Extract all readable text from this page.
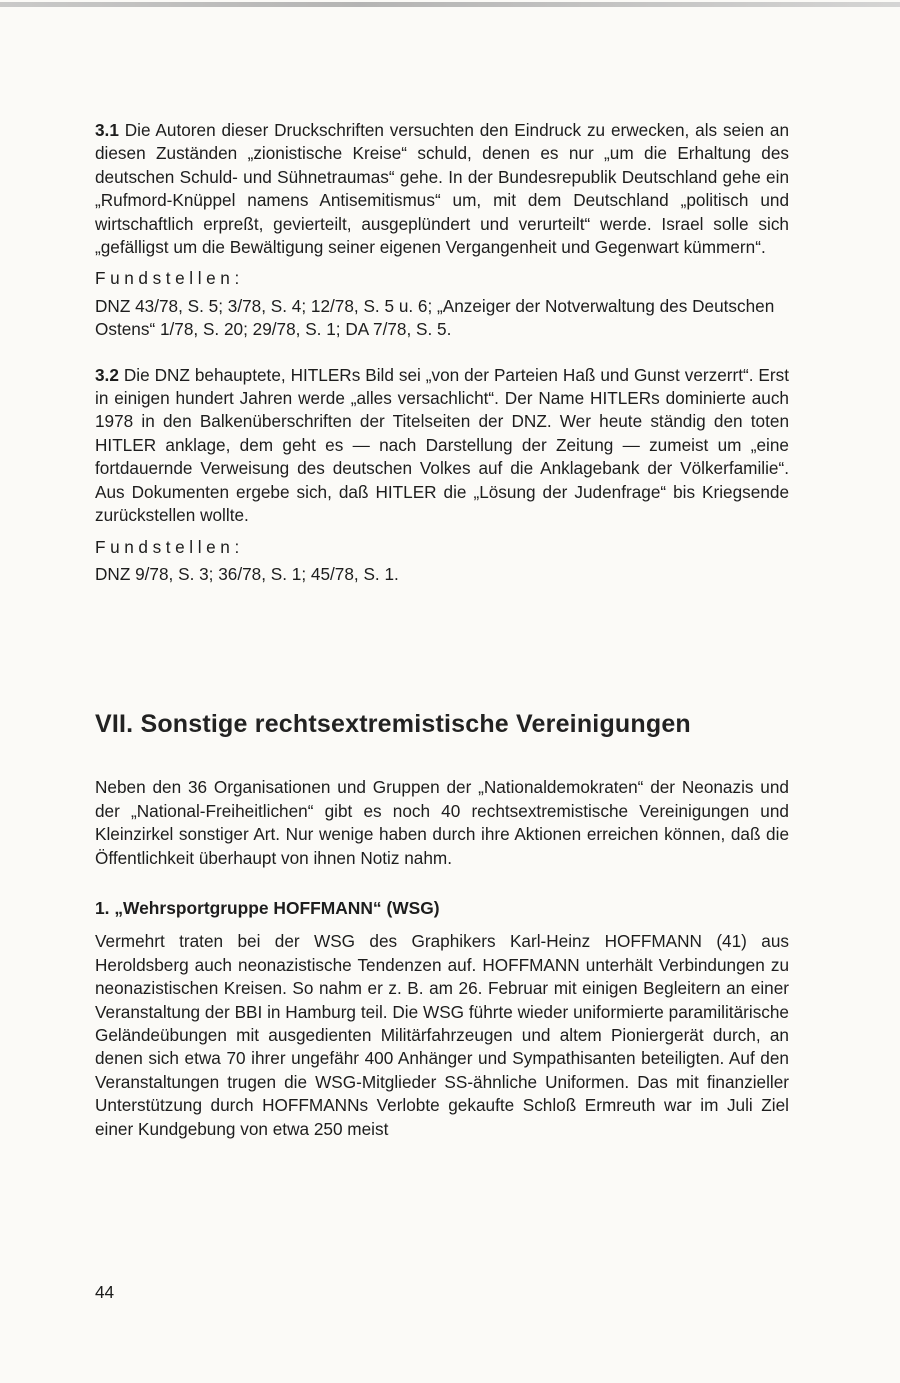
3.1 Die Autoren dieser Druckschriften versuchten den Eindruck zu erwecken, als seien an diesen Zuständen „zionistische Kreise“ schuld, denen es nur „um die Erhaltung des deutschen Schuld- und Sühnetraumas“ gehe. In der Bundesrepublik Deutschland gehe ein „Rufmord-Knüppel namens Antisemitismus“ um, mit dem Deutschland „politisch und wirtschaftlich erpreßt, gevierteilt, ausgeplündert und verurteilt“ werde. Israel solle sich „gefälligst um die Bewältigung seiner eigenen Vergangenheit und Gegenwart kümmern“.

Fundstellen:

DNZ 43/78, S. 5; 3/78, S. 4; 12/78, S. 5 u. 6; „Anzeiger der Notverwaltung des Deutschen Ostens“ 1/78, S. 20; 29/78, S. 1; DA 7/78, S. 5.

3.2 Die DNZ behauptete, HITLERs Bild sei „von der Parteien Haß und Gunst verzerrt“. Erst in einigen hundert Jahren werde „alles versachlicht“. Der Name HITLERs dominierte auch 1978 in den Balkenüberschriften der Titelseiten der DNZ. Wer heute ständig den toten HITLER anklage, dem geht es — nach Darstellung der Zeitung — zumeist um „eine fortdauernde Verweisung des deutschen Volkes auf die Anklagebank der Völkerfamilie“. Aus Dokumenten ergebe sich, daß HITLER die „Lösung der Judenfrage“ bis Kriegsende zurückstellen wollte.

Fundstellen:

DNZ 9/78, S. 3; 36/78, S. 1; 45/78, S. 1.

VII. Sonstige rechtsextremistische Vereinigungen

Neben den 36 Organisationen und Gruppen der „Nationaldemokraten“ der Neonazis und der „National-Freiheitlichen“ gibt es noch 40 rechtsextremistische Vereinigungen und Kleinzirkel sonstiger Art. Nur wenige haben durch ihre Aktionen erreichen können, daß die Öffentlichkeit überhaupt von ihnen Notiz nahm.

1. „Wehrsportgruppe HOFFMANN“ (WSG)

Vermehrt traten bei der WSG des Graphikers Karl-Heinz HOFFMANN (41) aus Heroldsberg auch neonazistische Tendenzen auf. HOFFMANN unterhält Verbindungen zu neonazistischen Kreisen. So nahm er z. B. am 26. Februar mit einigen Begleitern an einer Veranstaltung der BBI in Hamburg teil. Die WSG führte wieder uniformierte paramilitärische Geländeübungen mit ausgedienten Militärfahrzeugen und altem Pioniergerät durch, an denen sich etwa 70 ihrer ungefähr 400 Anhänger und Sympathisanten beteiligten. Auf den Veranstaltungen trugen die WSG-Mitglieder SS-ähnliche Uniformen. Das mit finanzieller Unterstützung durch HOFFMANNs Verlobte gekaufte Schloß Ermreuth war im Juli Ziel einer Kundgebung von etwa 250 meist

44
